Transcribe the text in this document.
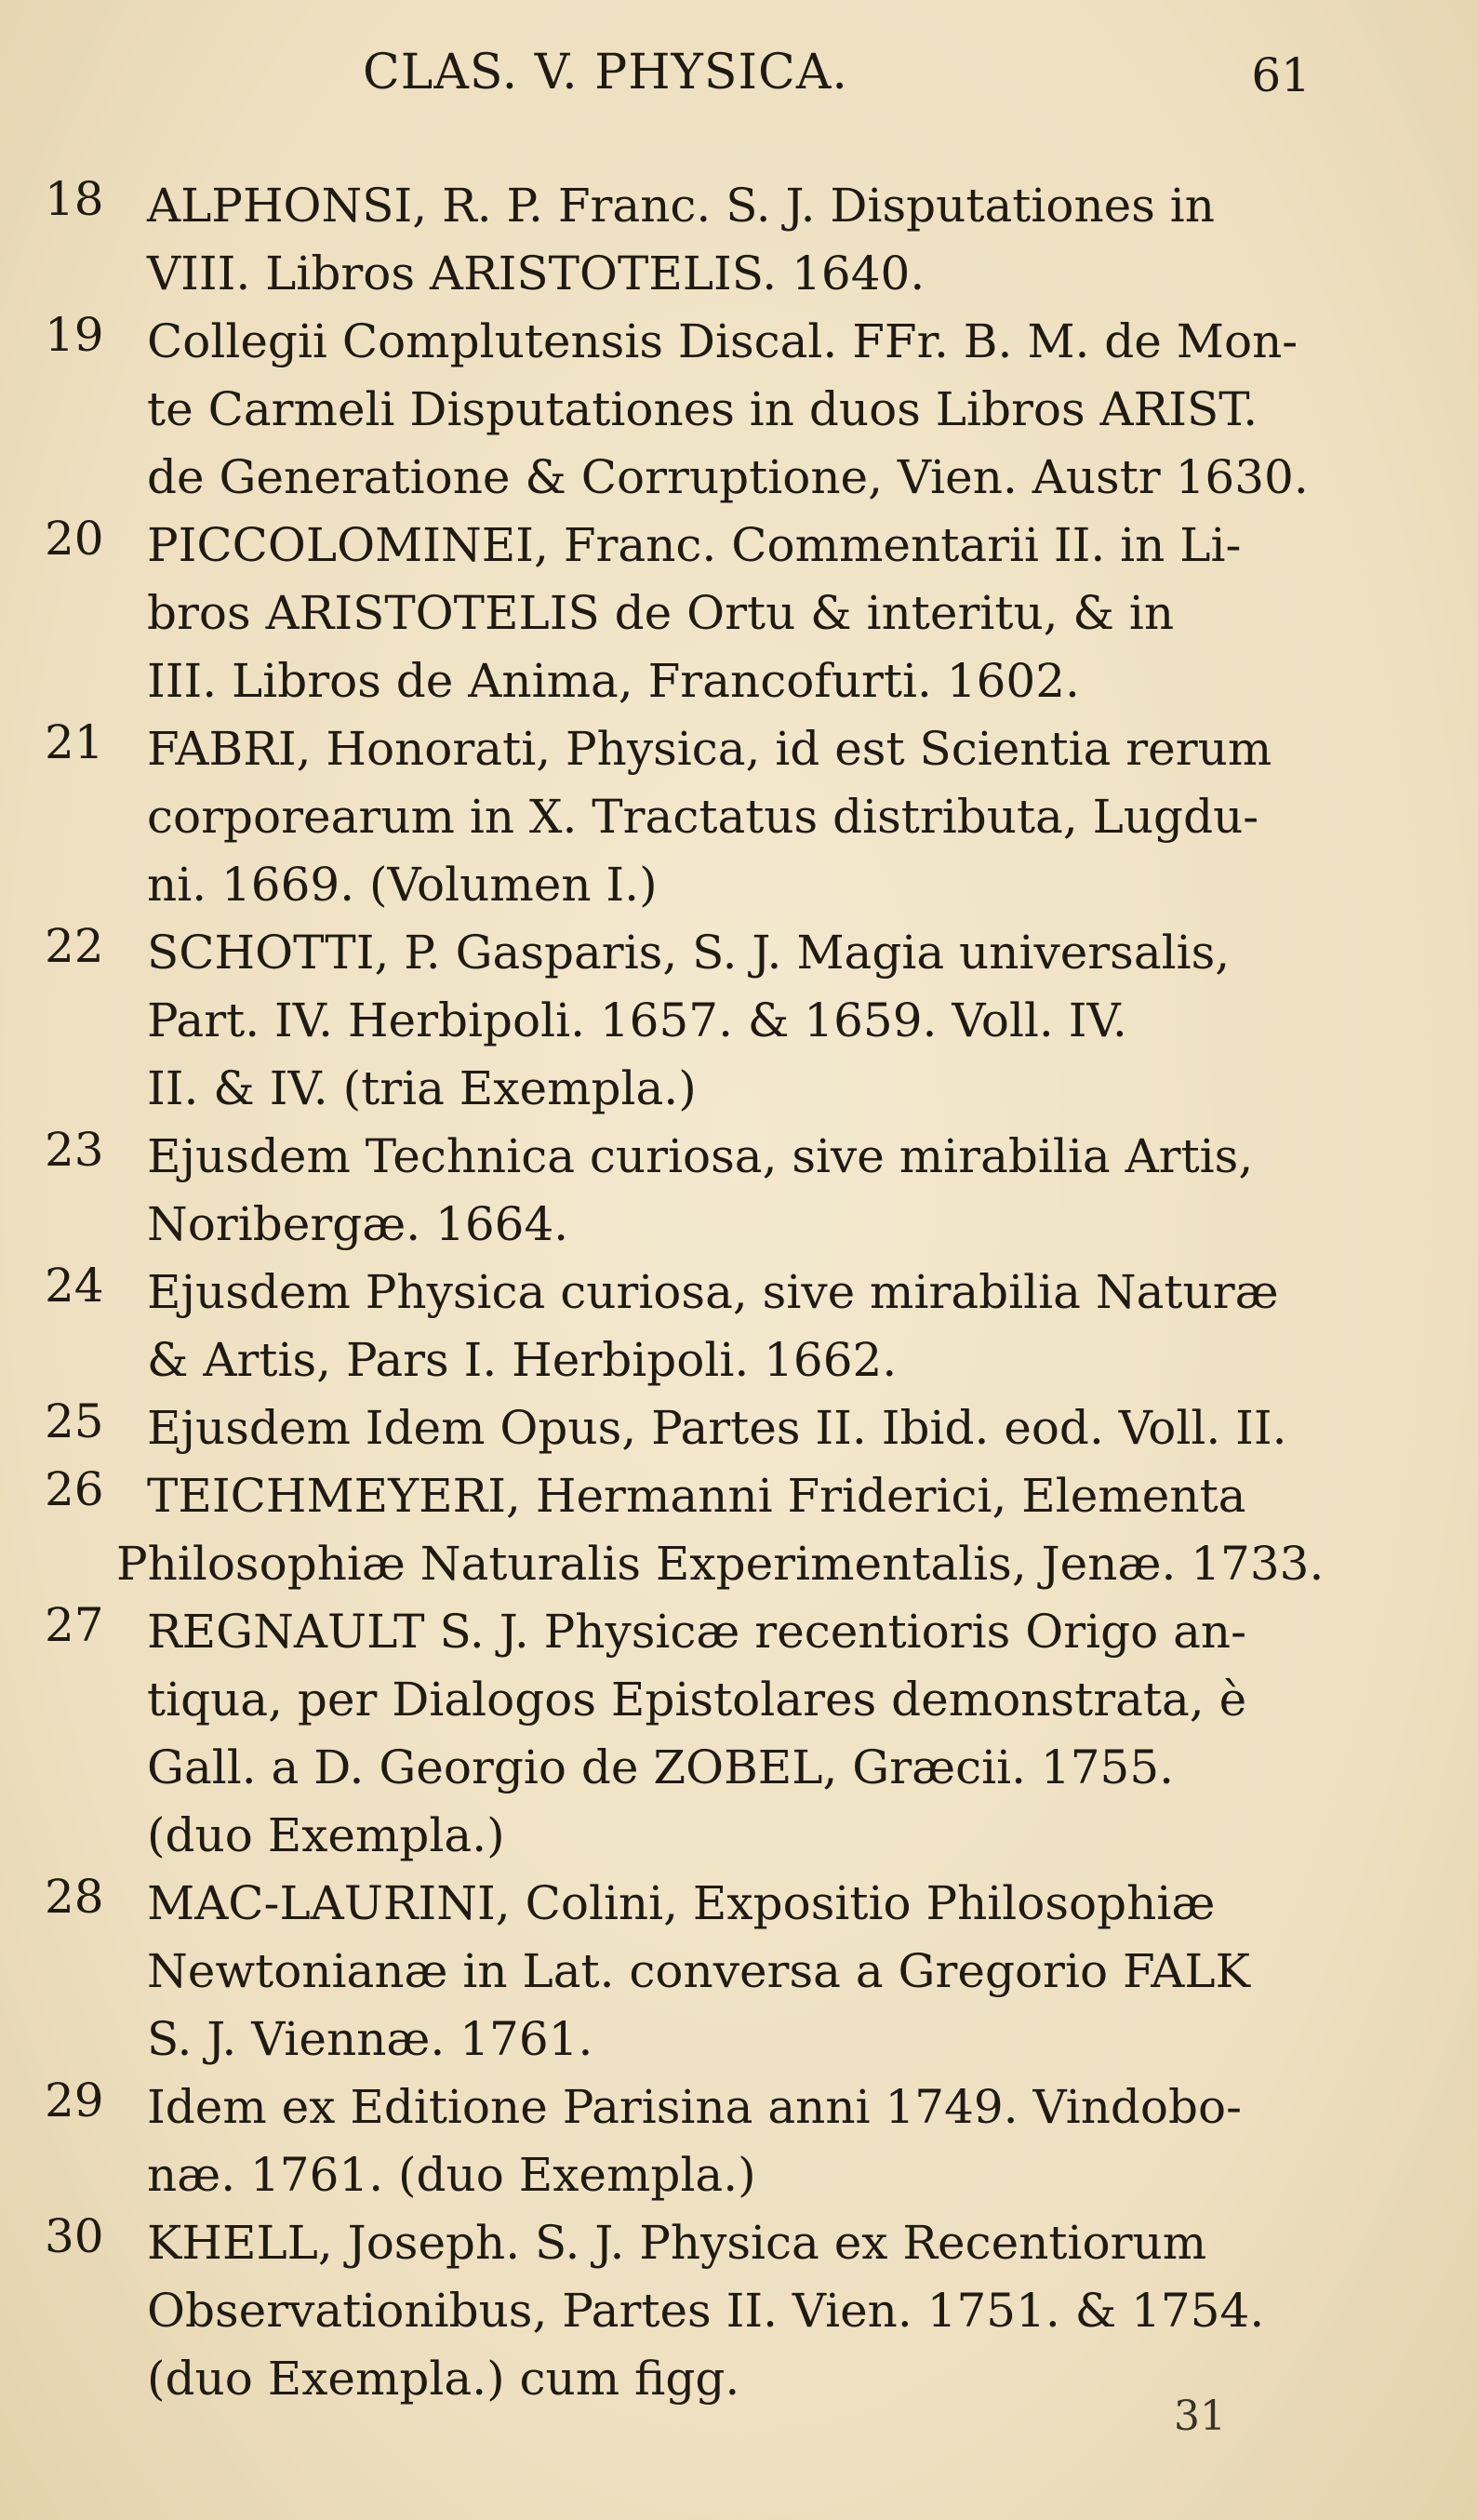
CLAS. V. PHYSICA.	61
18 ALPHONSI, R. P. Franc. S. J. Disputationes in
VIII. Libros ARISTOTELIS. 1640.
19 Collegii Complutensis Discal. FFr. B. M. de Mon-
te Carmeli Disputationes in duos Libros ARIST.
de Generatione & Corruptione, Vien. Austr 1630.
20 PICCOLOMINEI, Franc. Commentarii II. in Li-
bros ARISTOTELIS de Ortu & interitu, & in
III. Libros de Anima, Francofurti. 1602.
21 FABRI, Honorati, Physica, id est Scientia rerum
corporearum in X. Tractatus distributa, Lugdu-
ni. 1669. (Volumen I.)
22 SCHOTTI, P. Gasparis, S. J. Magia universalis,
Part. IV. Herbipoli. 1657. & 1659. Voll. IV.
II. & IV. (tria Exempla.)
23 Ejusdem Technica curiosa, sive mirabilia Artis,
Noribergæ. 1664.
24 Ejusdem Physica curiosa, sive mirabilia Naturæ
& Artis, Pars I. Herbipoli. 1662.
25 Ejusdem Idem Opus, Partes II. Ibid. eod. Voll. II.
26 TEICHMEYERI, Hermanni Friderici, Elementa
Philosophiæ Naturalis Experimentalis, Jenæ. 1733.
27 REGNAULT S. J. Physicæ recentioris Origo an-
tiqua, per Dialogos Epistolares demonstrata, è
Gall. a D. Georgio de ZOBEL, Græcii. 1755.
(duo Exempla.)
28 MAC-LAURINI, Colini, Expositio Philosophiæ
Newtonianæ in Lat. conversa a Gregorio FALK
S. J. Viennæ. 1761.
29 Idem ex Editione Parisina anni 1749. Vindobo-
næ. 1761. (duo Exempla.)
30 KHELL, Joseph. S. J. Physica ex Recentiorum
Observationibus, Partes II. Vien. 1751. & 1754.
(duo Exempla.) cum figg.
31
